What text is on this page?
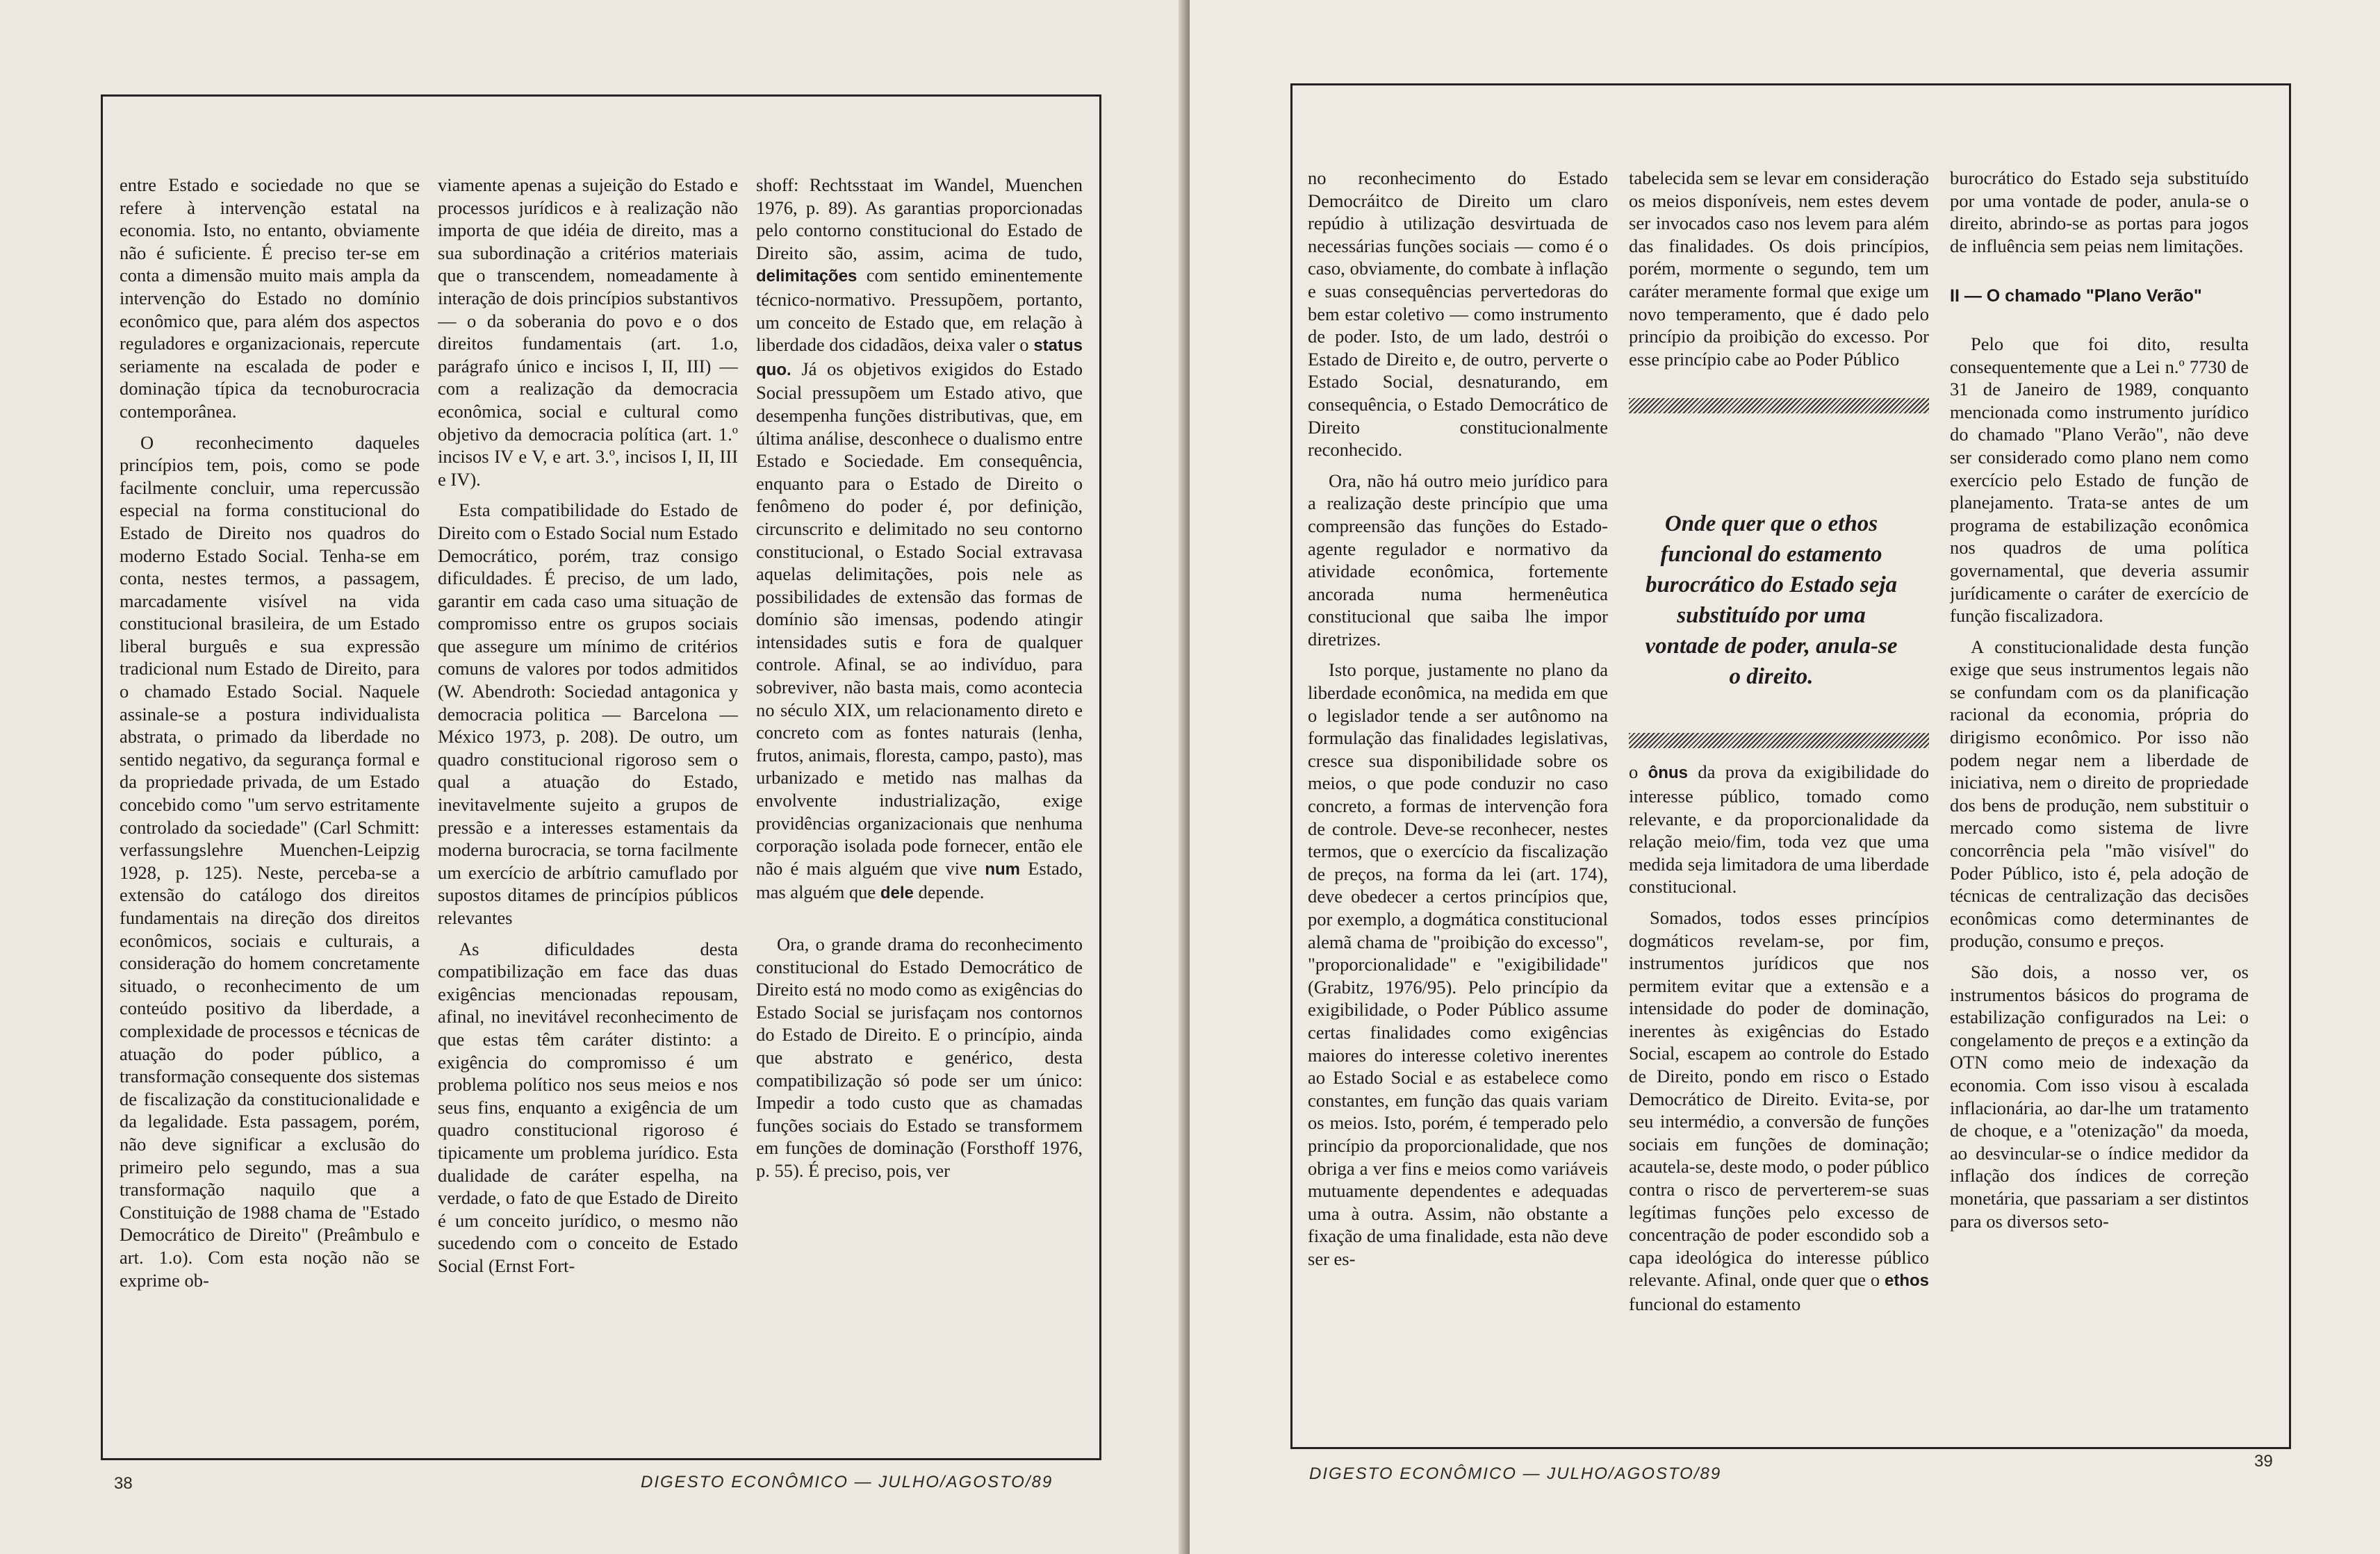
entre Estado e sociedade no que se refere à intervenção estatal na economia. Isto, no entanto, obviamente não é suficiente. É preciso ter-se em conta a dimensão muito mais ampla da intervenção do Estado no domínio econômico que, para além dos aspectos reguladores e organizacionais, repercute seriamente na escalada de poder e dominação típica da tecnoburocracia contemporânea.

O reconhecimento daqueles princípios tem, pois, como se pode facilmente concluir, uma repercussão especial na forma constitucional do Estado de Direito nos quadros do moderno Estado Social. Tenha-se em conta, nestes termos, a passagem, marcadamente visível na vida constitucional brasileira, de um Estado liberal burguês e sua expressão tradicional num Estado de Direito, para o chamado Estado Social. Naquele assinale-se a postura individualista abstrata, o primado da liberdade no sentido negativo, da segurança formal e da propriedade privada, de um Estado concebido como "um servo estritamente controlado da sociedade" (Carl Schmitt: verfassungslehre Muenchen-Leipzig 1928, p. 125). Neste, perceba-se a extensão do catálogo dos direitos fundamentais na direção dos direitos econômicos, sociais e culturais, a consideração do homem concretamente situado, o reconhecimento de um conteúdo positivo da liberdade, a complexidade de processos e técnicas de atuação do poder público, a transformação consequente dos sistemas de fiscalização da constitucionalidade e da legalidade. Esta passagem, porém, não deve significar a exclusão do primeiro pelo segundo, mas a sua transformação naquilo que a Constituição de 1988 chama de "Estado Democrático de Direito" (Preâmbulo e art. 1.o). Com esta noção não se exprime ob-

viamente apenas a sujeição do Estado e processos jurídicos e à realização não importa de que idéia de direito, mas a sua subordinação a critérios materiais que o transcendem, nomeadamente à interação de dois princípios substantivos — o da soberania do povo e o dos direitos fundamentais (art. 1.o, parágrafo único e incisos I, II, III) — com a realização da democracia econômica, social e cultural como objetivo da democracia política (art. 1.º incisos IV e V, e art. 3.º, incisos I, II, III e IV).

Esta compatibilidade do Estado de Direito com o Estado Social num Estado Democrático, porém, traz consigo dificuldades. É preciso, de um lado, garantir em cada caso uma situação de compromisso entre os grupos sociais que assegure um mínimo de critérios comuns de valores por todos admitidos (W. Abendroth: Sociedad antagonica y democracia politica — Barcelona — México 1973, p. 208). De outro, um quadro constitucional rigoroso sem o qual a atuação do Estado, inevitavelmente sujeito a grupos de pressão e a interesses estamentais da moderna burocracia, se torna facilmente um exercício de arbítrio camuflado por supostos ditames de princípios públicos relevantes

As dificuldades desta compatibilização em face das duas exigências mencionadas repousam, afinal, no inevitável reconhecimento de que estas têm caráter distinto: a exigência do compromisso é um problema político nos seus meios e nos seus fins, enquanto a exigência de um quadro constitucional rigoroso é tipicamente um problema jurídico. Esta dualidade de caráter espelha, na verdade, o fato de que Estado de Direito é um conceito jurídico, o mesmo não sucedendo com o conceito de Estado Social (Ernst Fort-

shoff: Rechtsstaat im Wandel, Muenchen 1976, p. 89). As garantias proporcionadas pelo contorno constitucional do Estado de Direito são, assim, acima de tudo, delimitações com sentido eminentemente técnico-normativo. Pressupõem, portanto, um conceito de Estado que, em relação à liberdade dos cidadãos, deixa valer o status quo. Já os objetivos exigidos do Estado Social pressupõem um Estado ativo, que desempenha funções distributivas, que, em última análise, desconhece o dualismo entre Estado e Sociedade. Em consequência, enquanto para o Estado de Direito o fenômeno do poder é, por definição, circunscrito e delimitado no seu contorno constitucional, o Estado Social extravasa aquelas delimitações, pois nele as possibilidades de extensão das formas de domínio são imensas, podendo atingir intensidades sutis e fora de qualquer controle. Afinal, se ao indivíduo, para sobreviver, não basta mais, como acontecia no século XIX, um relacionamento direto e concreto com as fontes naturais (lenha, frutos, animais, floresta, campo, pasto), mas urbanizado e metido nas malhas da envolvente industrialização, exige providências organizacionais que nenhuma corporação isolada pode fornecer, então ele não é mais alguém que vive num Estado, mas alguém que dele depende.

Ora, o grande drama do reconhecimento constitucional do Estado Democrático de Direito está no modo como as exigências do Estado Social se jurisfaçam nos contornos do Estado de Direito. E o princípio, ainda que abstrato e genérico, desta compatibilização só pode ser um único: Impedir a todo custo que as chamadas funções sociais do Estado se transformem em funções de dominação (Forsthoff 1976, p. 55). É preciso, pois, ver

38	DIGESTO ECONÔMICO — JULHO/AGOSTO/89

no reconhecimento do Estado Democráitco de Direito um claro repúdio à utilização desvirtuada de necessárias funções sociais — como é o caso, obviamente, do combate à inflação e suas consequências pervertedoras do bem estar coletivo — como instrumento de poder. Isto, de um lado, destrói o Estado de Direito e, de outro, perverte o Estado Social, desnaturando, em consequência, o Estado Democrático de Direito constitucionalmente reconhecido.

Ora, não há outro meio jurídico para a realização deste princípio que uma compreensão das funções do Estado-agente regulador e normativo da atividade econômica, fortemente ancorada numa hermenêutica constitucional que saiba lhe impor diretrizes.

Isto porque, justamente no plano da liberdade econômica, na medida em que o legislador tende a ser autônomo na formulação das finalidades legislativas, cresce sua disponibilidade sobre os meios, o que pode conduzir no caso concreto, a formas de intervenção fora de controle. Deve-se reconhecer, nestes termos, que o exercício da fiscalização de preços, na forma da lei (art. 174), deve obedecer a certos princípios que, por exemplo, a dogmática constitucional alemã chama de "proibição do excesso", "proporcionalidade" e "exigibilidade" (Grabitz, 1976/95). Pelo princípio da exigibilidade, o Poder Público assume certas finalidades como exigências maiores do interesse coletivo inerentes ao Estado Social e as estabelece como constantes, em função das quais variam os meios. Isto, porém, é temperado pelo princípio da proporcionalidade, que nos obriga a ver fins e meios como variáveis mutuamente dependentes e adequadas uma à outra. Assim, não obstante a fixação de uma finalidade, esta não deve ser es-

tabelecida sem se levar em consideração os meios disponíveis, nem estes devem ser invocados caso nos levem para além das finalidades. Os dois princípios, porém, mormente o segundo, tem um caráter meramente formal que exige um novo temperamento, que é dado pelo princípio da proibição do excesso. Por esse princípio cabe ao Poder Público

o ônus da prova da exigibilidade do interesse público, tomado como relevante, e da proporcionalidade da relação meio/fim, toda vez que uma medida seja limitadora de uma liberdade constitucional.

Somados, todos esses princípios dogmáticos revelam-se, por fim, instrumentos jurídicos que nos permitem evitar que a extensão e a intensidade do poder de dominação, inerentes às exigências do Estado Social, escapem ao controle do Estado de Direito, pondo em risco o Estado Democrático de Direito. Evita-se, por seu intermédio, a conversão de funções sociais em funções de dominação; acautela-se, deste modo, o poder público contra o risco de perverterem-se suas legítimas funções pelo excesso de concentração de poder escondido sob a capa ideológica do interesse público relevante. Afinal, onde quer que o ethos funcional do estamento

burocrático do Estado seja substituído por uma vontade de poder, anula-se o direito, abrindo-se as portas para jogos de influência sem peias nem limitações.

II — O chamado "Plano Verão"

Pelo que foi dito, resulta consequentemente que a Lei n.º 7730 de 31 de Janeiro de 1989, conquanto mencionada como instrumento jurídico do chamado "Plano Verão", não deve ser considerado como plano nem como exercício pelo Estado de função de planejamento. Trata-se antes de um programa de estabilização econômica nos quadros de uma política governamental, que deveria assumir jurídicamente o caráter de exercício de função fiscalizadora.

A constitucionalidade desta função exige que seus instrumentos legais não se confundam com os da planificação racional da economia, própria do dirigismo econômico. Por isso não podem negar nem a liberdade de iniciativa, nem o direito de propriedade dos bens de produção, nem substituir o mercado como sistema de livre concorrência pela "mão visível" do Poder Público, isto é, pela adoção de técnicas de centralização das decisões econômicas como determinantes de produção, consumo e preços.

São dois, a nosso ver, os instrumentos básicos do programa de estabilização configurados na Lei: o congelamento de preços e a extinção da OTN como meio de indexação da economia. Com isso visou à escalada inflacionária, ao dar-lhe um tratamento de choque, e a "otenização" da moeda, ao desvincular-se o índice medidor da inflação dos índices de correção monetária, que passariam a ser distintos para os diversos seto-

39
DIGESTO ECONÔMICO — JULHO/AGOSTO/89
Onde quer que o ethos funcional do estamento burocrático do Estado seja substituído por uma vontade de poder, anula-se o direito.
